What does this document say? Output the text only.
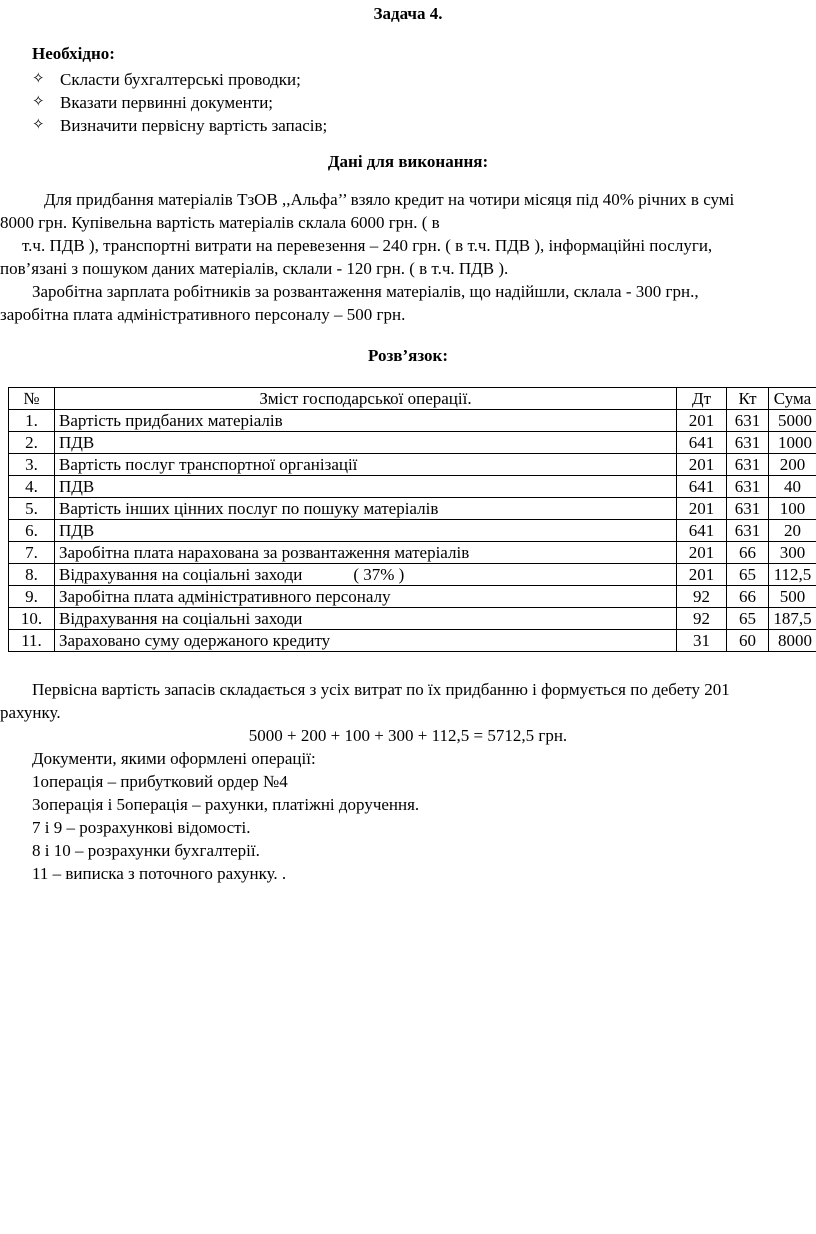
Задача 4.
Необхідно:
✧ Скласти бухгалтерські проводки;
✧ Вказати первинні документи;
✧ Визначити первісну вартість запасів;
Дані для виконання:
Для придбання матеріалів ТзОВ ,,Альфа’’ взяло кредит на чотири місяця під 40% річних в сумі
8000 грн. Купівельна вартість матеріалів склала 6000 грн. ( в
т.ч. ПДВ ), транспортні витрати на перевезення – 240 грн. ( в т.ч. ПДВ ), інформаційні послуги,
пов’язані з пошуком даних матеріалів, склали - 120 грн. ( в т.ч. ПДВ ).
Заробітна зарплата робітників за розвантаження матеріалів, що надійшли, склала - 300 грн.,
заробітна плата адміністративного персоналу – 500 грн.
Розв’язок:
№	Зміст господарської операції.	Дт	Кт	Сума
1.	Вартість придбаних матеріалів	201	631	5000
2.	ПДВ	641	631	1000
3.	Вартість послуг транспортної організації	201	631	200
4.	ПДВ	641	631	40
5.	Вартість інших цінних послуг по пошуку матеріалів	201	631	100
6.	ПДВ	641	631	20
7.	Заробітна плата нарахована за розвантаження матеріалів	201	66	300
8.	Відрахування на соціальні заходи            ( 37% )	201	65	112,5
9.	Заробітна плата адміністративного персоналу	92	66	500
10.	Відрахування на соціальні заходи	92	65	187,5
11.	Зараховано суму одержаного кредиту	31	60	8000
Первісна вартість запасів складається з усіх витрат по їх придбанню і формується по дебету 201
рахунку.
5000 + 200 + 100 + 300 + 112,5 = 5712,5 грн.
Документи, якими оформлені операції:
1операція – прибутковий ордер №4
3операція і 5операція – рахунки, платіжні доручення.
7 і 9 – розрахункові відомості.
8 і 10 – розрахунки бухгалтерії.
11 – виписка з поточного рахунку. .
